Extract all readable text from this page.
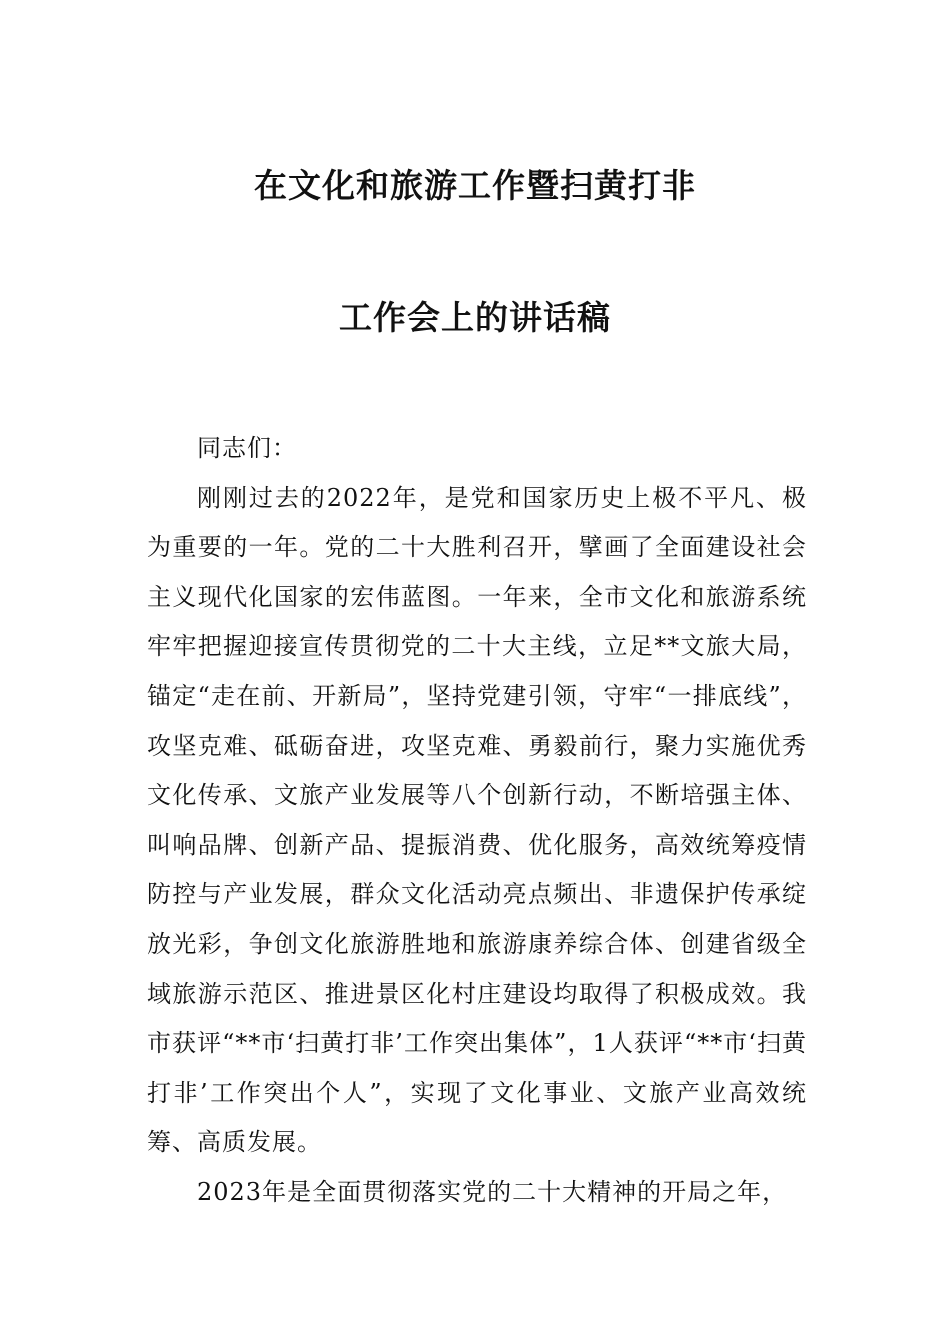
在文化和旅游工作暨扫黄打非
工作会上的讲话稿

同志们：

刚刚过去的2022年，是党和国家历史上极不平凡、极为重要的一年。党的二十大胜利召开，擘画了全面建设社会主义现代化国家的宏伟蓝图。一年来，全市文化和旅游系统牢牢把握迎接宣传贯彻党的二十大主线，立足**文旅大局，锚定“走在前、开新局”，坚持党建引领，守牢“一排底线”，攻坚克难、砥砺奋进，攻坚克难、勇毅前行，聚力实施优秀文化传承、文旅产业发展等八个创新行动，不断培强主体、叫响品牌、创新产品、提振消费、优化服务，高效统筹疫情防控与产业发展，群众文化活动亮点频出、非遗保护传承绽放光彩，争创文化旅游胜地和旅游康养综合体、创建省级全域旅游示范区、推进景区化村庄建设均取得了积极成效。我市获评“**市‘扫黄打非’工作突出集体”，1人获评“**市‘扫黄打非’工作突出个人”，实现了文化事业、文旅产业高效统筹、高质发展。

2023年是全面贯彻落实党的二十大精神的开局之年，
